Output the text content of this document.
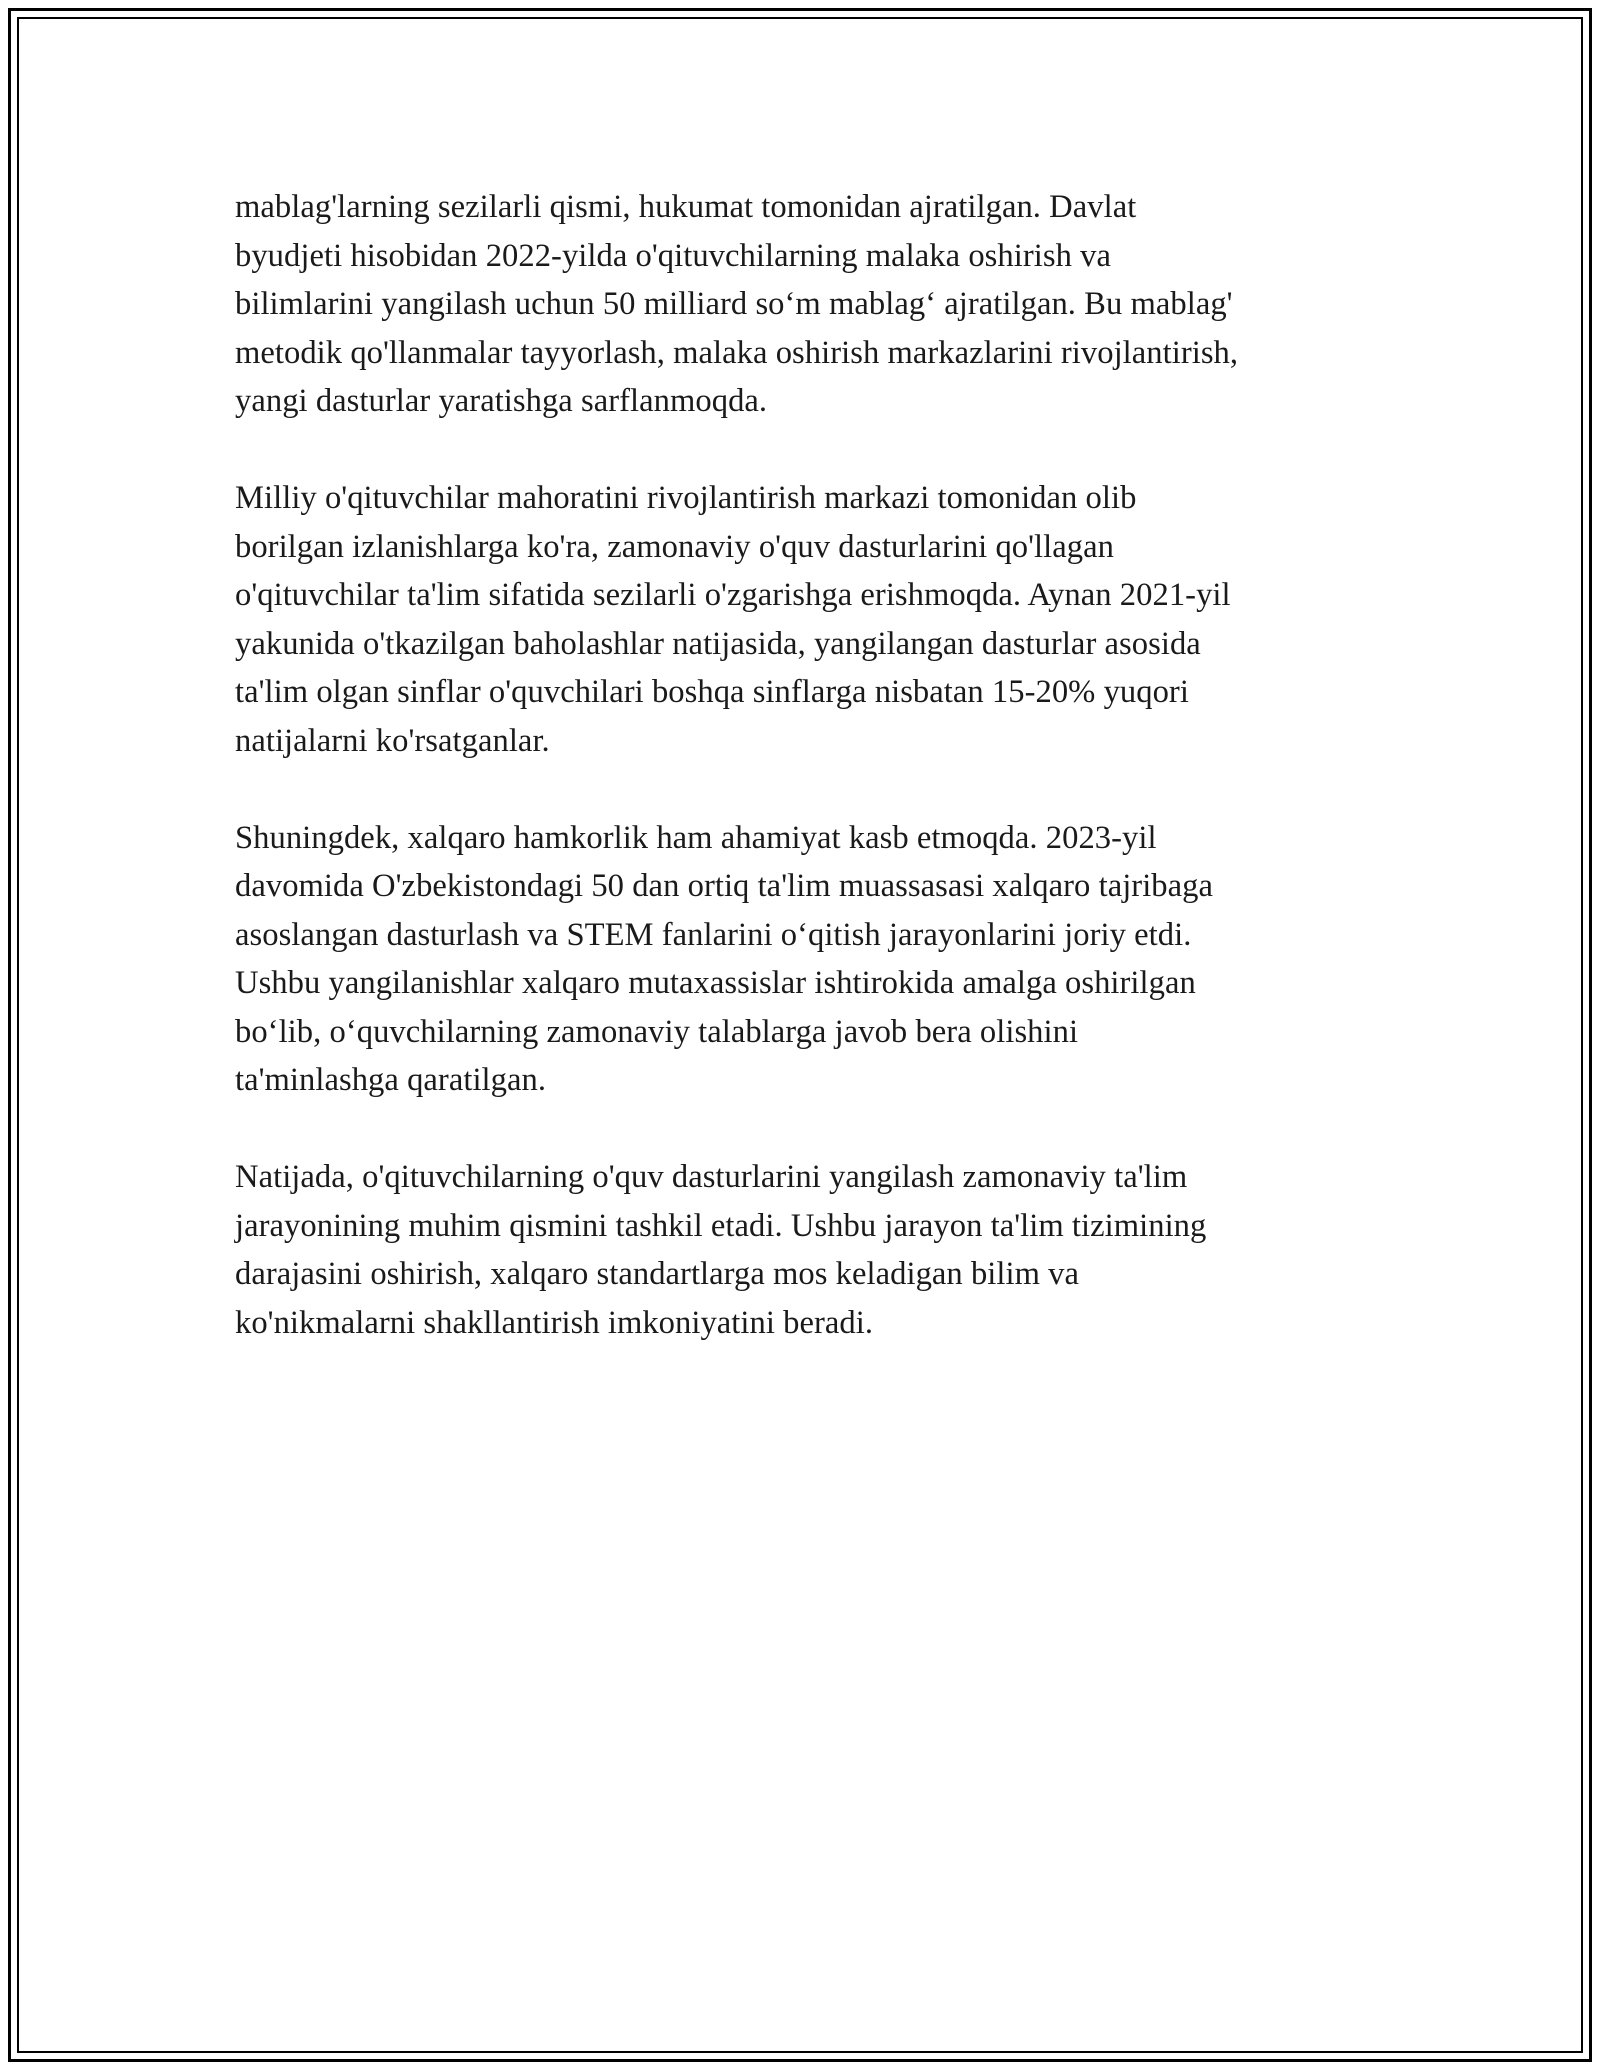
mablag'larning sezilarli qismi, hukumat tomonidan ajratilgan. Davlat
byudjeti hisobidan 2022-yilda o'qituvchilarning malaka oshirish va
bilimlarini yangilash uchun 50 milliard so‘m mablag‘ ajratilgan. Bu mablag'
metodik qo'llanmalar tayyorlash, malaka oshirish markazlarini rivojlantirish,
yangi dasturlar yaratishga sarflanmoqda.

Milliy o'qituvchilar mahoratini rivojlantirish markazi tomonidan olib
borilgan izlanishlarga ko'ra, zamonaviy o'quv dasturlarini qo'llagan
o'qituvchilar ta'lim sifatida sezilarli o'zgarishga erishmoqda. Aynan 2021-yil
yakunida o'tkazilgan baholashlar natijasida, yangilangan dasturlar asosida
ta'lim olgan sinflar o'quvchilari boshqa sinflarga nisbatan 15-20% yuqori
natijalarni ko'rsatganlar.

Shuningdek, xalqaro hamkorlik ham ahamiyat kasb etmoqda. 2023-yil
davomida O'zbekistondagi 50 dan ortiq ta'lim muassasasi xalqaro tajribaga
asoslangan dasturlash va STEM fanlarini o‘qitish jarayonlarini joriy etdi.
Ushbu yangilanishlar xalqaro mutaxassislar ishtirokida amalga oshirilgan
bo‘lib, o‘quvchilarning zamonaviy talablarga javob bera olishini
ta'minlashga qaratilgan.

Natijada, o'qituvchilarning o'quv dasturlarini yangilash zamonaviy ta'lim
jarayonining muhim qismini tashkil etadi. Ushbu jarayon ta'lim tizimining
darajasini oshirish, xalqaro standartlarga mos keladigan bilim va
ko'nikmalarni shakllantirish imkoniyatini beradi.
